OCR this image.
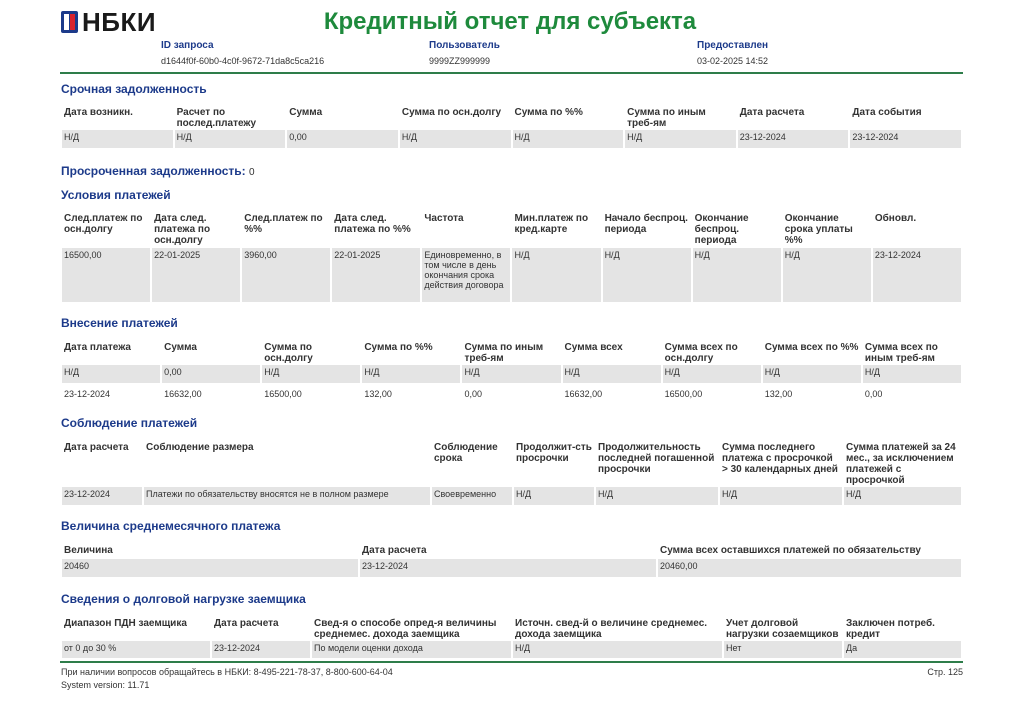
НБКИ	Кредитный отчет для субъекта
ID запроса
d1644f0f-60b0-4c0f-9672-71da8c5ca216
Пользователь
9999ZZ999999
Предоставлен
03-02-2025 14:52
Срочная задолженность
Дата возникн.	Расчет по послед.платежу	Сумма	Сумма по осн.долгу	Сумма по %%	Сумма по иным треб-ям	Дата расчета	Дата события
Н/Д	Н/Д	0,00	Н/Д	Н/Д	Н/Д	23-12-2024	23-12-2024
Просроченная задолженность: 0
Условия платежей
След.платеж по осн.долгу	Дата след. платежа по осн.долгу	След.платеж по %%	Дата след. платежа по %%	Частота	Мин.платеж по кред.карте	Начало беспроц. периода	Окончание беспроц. периода	Окончание срока уплаты %%	Обновл.
16500,00	22-01-2025	3960,00	22-01-2025	Единовременно, в том числе в день окончания срока действия договора	Н/Д	Н/Д	Н/Д	Н/Д	23-12-2024
Внесение платежей
Дата платежа	Сумма	Сумма по осн.долгу	Сумма по %%	Сумма по иным треб-ям	Сумма всех	Сумма всех по осн.долгу	Сумма всех по %%	Сумма всех по иным треб-ям
Н/Д	0,00	Н/Д	Н/Д	Н/Д	Н/Д	Н/Д	Н/Д	Н/Д

23-12-2024	16632,00	16500,00	132,00	0,00	16632,00	16500,00	132,00	0,00
Соблюдение платежей
Дата расчета	Соблюдение размера	Соблюдение срока	Продолжит-сть просрочки	Продолжительность последней погашенной просрочки	Сумма последнего платежа с просрочкой > 30 календарных дней	Сумма платежей за 24 мес., за исключением платежей с просрочкой
23-12-2024	Платежи по обязательству вносятся не в полном размере	Своевременно	Н/Д	Н/Д	Н/Д	Н/Д
Величина среднемесячного платежа
Величина	Дата расчета	Сумма всех оставшихся платежей по обязательству
20460	23-12-2024	20460,00
Сведения о долговой нагрузке заемщика
Диапазон ПДН заемщика	Дата расчета	Свед-я о способе опред-я величины среднемес. дохода заемщика	Источн. свед-й о величине среднемес. дохода заемщика	Учет долговой нагрузки созаемщиков	Заключен потреб. кредит
от 0 до 30 %	23-12-2024	По модели оценки дохода	Н/Д	Нет	Да
При наличии вопросов обращайтесь в НБКИ: 8-495-221-78-37, 8-800-600-64-04
System version: 11.71
Стр. 125
